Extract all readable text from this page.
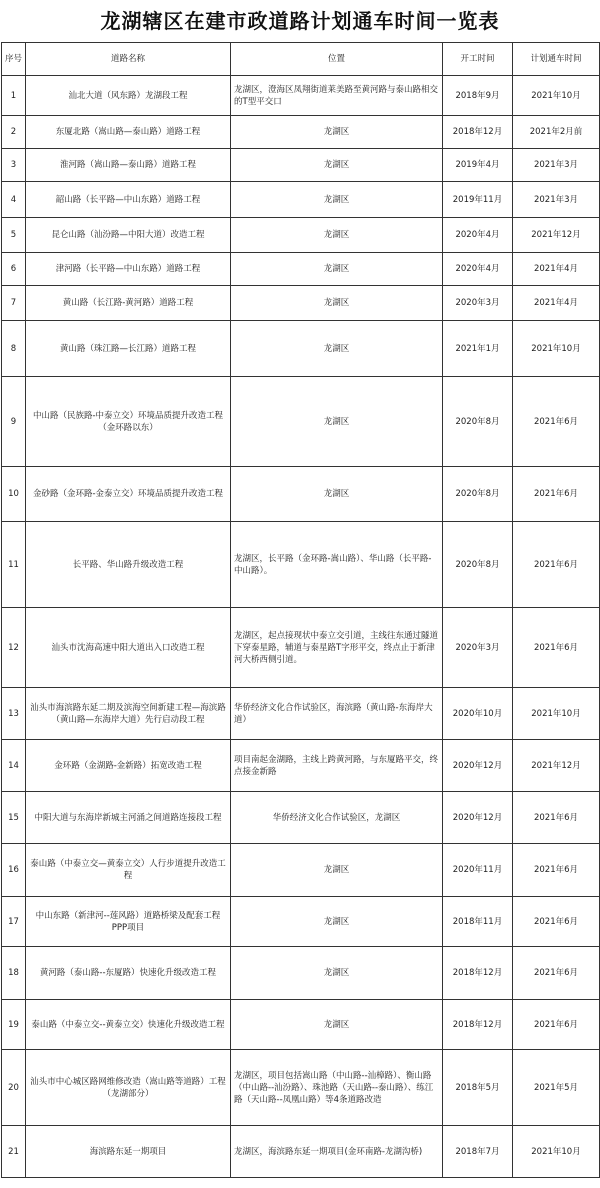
龙湖辖区在建市政道路计划通车时间一览表
序号	道路名称	位置	开工时间	计划通车时间
1	汕北大道（风东路）龙湖段工程	龙湖区，澄海区凤翔街道莱美路至黄河路与泰山路相交的T型平交口	2018年9月	2021年10月
2	东厦北路（嵩山路—泰山路）道路工程	龙湖区	2018年12月	2021年2月前
3	淮河路（嵩山路—泰山路）道路工程	龙湖区	2019年4月	2021年3月
4	韶山路（长平路—中山东路）道路工程	龙湖区	2019年11月	2021年3月
5	昆仑山路（汕汾路—中阳大道）改造工程	龙湖区	2020年4月	2021年12月
6	津河路（长平路—中山东路）道路工程	龙湖区	2020年4月	2021年4月
7	黄山路（长江路-黄河路）道路工程	龙湖区	2020年3月	2021年4月
8	黄山路（珠江路—长江路）道路工程	龙湖区	2021年1月	2021年10月
9	中山路（民族路-中泰立交）环境品质提升改造工程（金环路以东）	龙湖区	2020年8月	2021年6月
10	金砂路（金环路-金泰立交）环境品质提升改造工程	龙湖区	2020年8月	2021年6月
11	长平路、华山路升级改造工程	龙湖区，长平路（金环路-嵩山路）、华山路（长平路-中山路）。	2020年8月	2021年6月
12	汕头市沈海高速中阳大道出入口改造工程	龙湖区，起点接现状中泰立交引道，主线往东通过隧道下穿泰星路，辅道与泰星路T字形平交，终点止于新津河大桥西侧引道。	2020年3月	2021年6月
13	汕头市海滨路东延二期及滨海空间新建工程—海滨路（黄山路—东海岸大道）先行启动段工程	华侨经济文化合作试验区，海滨路（黄山路-东海岸大道）	2020年10月	2021年10月
14	金环路（金湖路-金新路）拓宽改造工程	项目南起金湖路，主线上跨黄河路，与东厦路平交，终点接金新路	2020年12月	2021年12月
15	中阳大道与东海岸新城主河涌之间道路连接段工程	华侨经济文化合作试验区，龙湖区	2020年12月	2021年6月
16	泰山路（中泰立交—黄泰立交）人行步道提升改造工程	龙湖区	2020年11月	2021年6月
17	中山东路（新津河--莲风路）道路桥梁及配套工程PPP项目	龙湖区	2018年11月	2021年6月
18	黄河路（泰山路--东厦路）快速化升级改造工程	龙湖区	2018年12月	2021年6月
19	泰山路（中泰立交--黄泰立交）快速化升级改造工程	龙湖区	2018年12月	2021年6月
20	汕头市中心城区路网维修改造（嵩山路等道路）工程（龙湖部分）	龙湖区，项目包括嵩山路（中山路--汕樟路）、衡山路（中山路--汕汾路）、珠池路（天山路--泰山路）、练江路（天山路--凤凰山路）等4条道路改造	2018年5月	2021年5月
21	海滨路东延一期项目	龙湖区，海滨路东延一期项目(金环南路-龙湖沟桥)	2018年7月	2021年10月
